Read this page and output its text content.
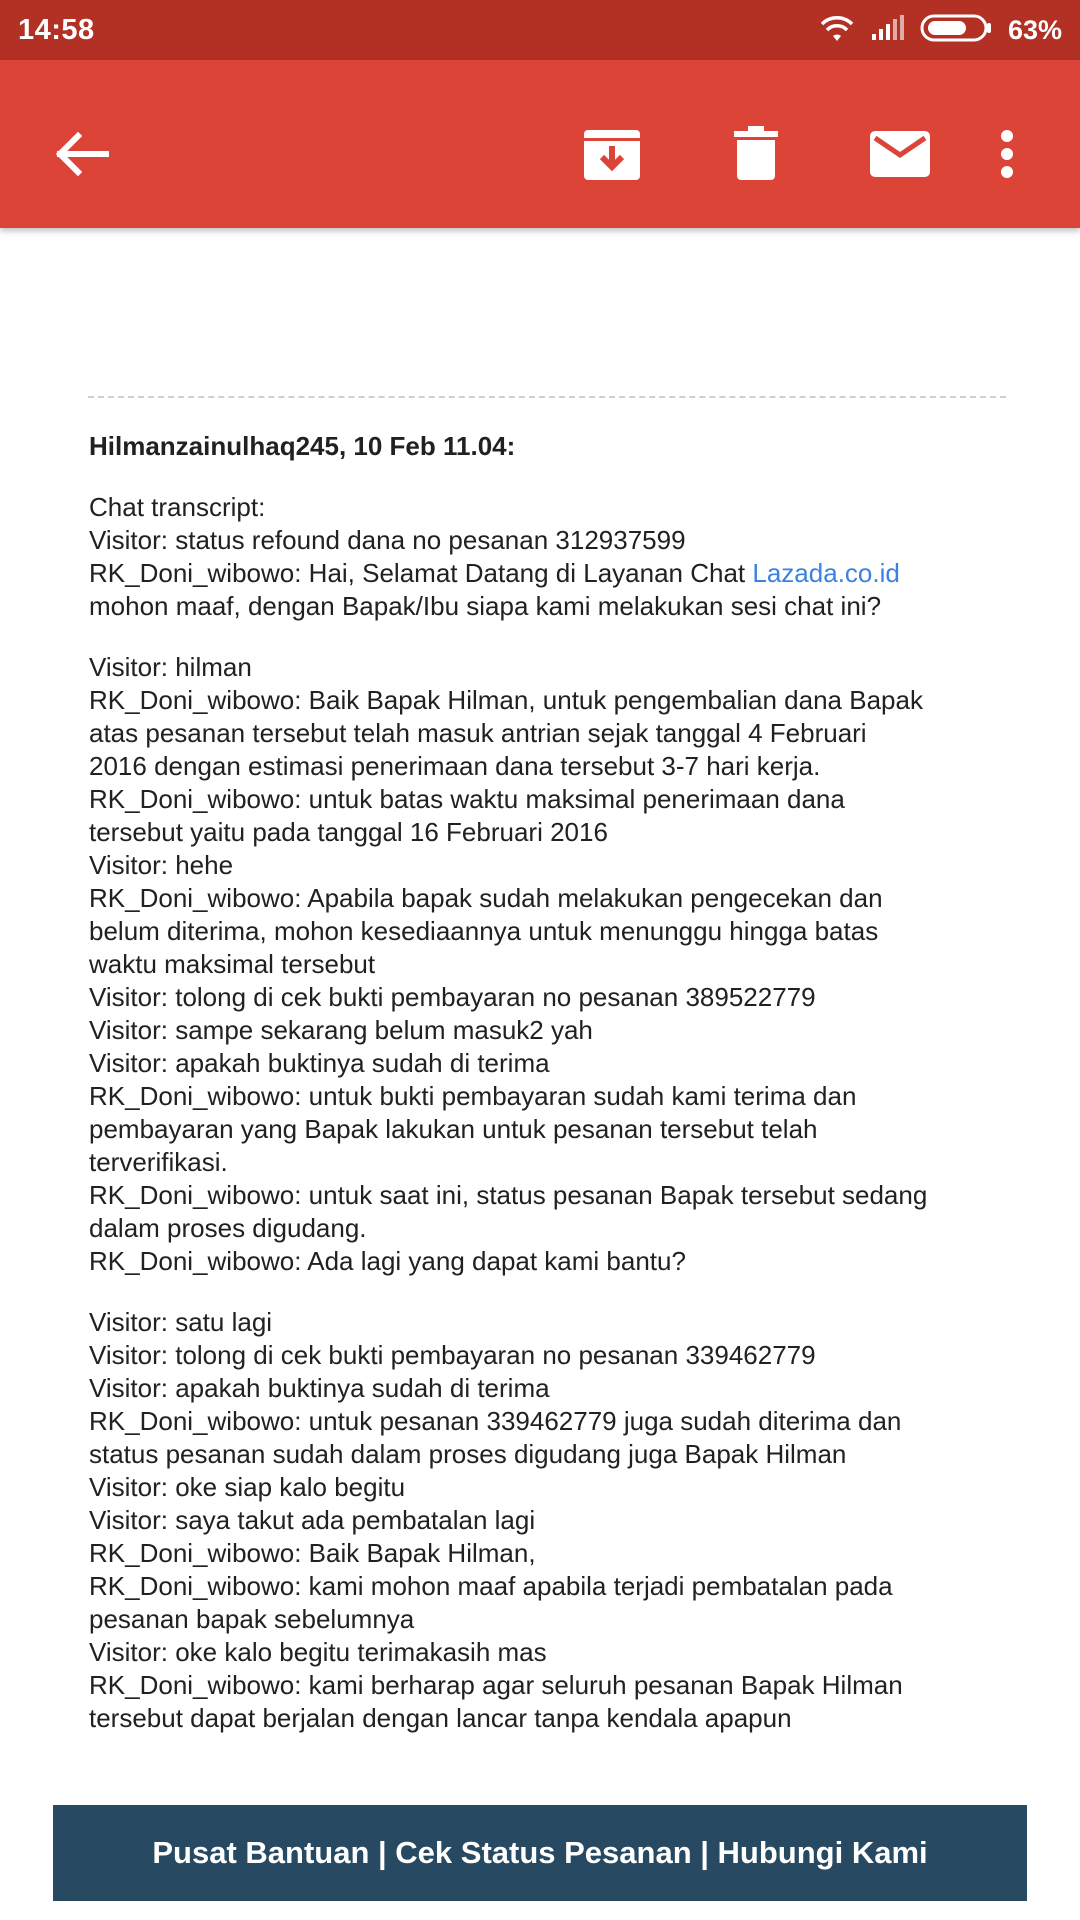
14:58	63%
Hilmanzainulhaq245, 10 Feb 11.04:
Chat transcript:
Visitor: status refound dana no pesanan 312937599
RK_Doni_wibowo: Hai, Selamat Datang di Layanan Chat Lazada.co.id
mohon maaf, dengan Bapak/Ibu siapa kami melakukan sesi chat ini?
Visitor: hilman
RK_Doni_wibowo: Baik Bapak Hilman, untuk pengembalian dana Bapak
atas pesanan tersebut telah masuk antrian sejak tanggal 4 Februari
2016 dengan estimasi penerimaan dana tersebut 3-7 hari kerja.
RK_Doni_wibowo: untuk batas waktu maksimal penerimaan dana
tersebut yaitu pada tanggal 16 Februari 2016
Visitor: hehe
RK_Doni_wibowo: Apabila bapak sudah melakukan pengecekan dan
belum diterima, mohon kesediaannya untuk menunggu hingga batas
waktu maksimal tersebut
Visitor: tolong di cek bukti pembayaran no pesanan 389522779
Visitor: sampe sekarang belum masuk2 yah
Visitor: apakah buktinya sudah di terima
RK_Doni_wibowo: untuk bukti pembayaran sudah kami terima dan
pembayaran yang Bapak lakukan untuk pesanan tersebut telah
terverifikasi.
RK_Doni_wibowo: untuk saat ini, status pesanan Bapak tersebut sedang
dalam proses digudang.
RK_Doni_wibowo: Ada lagi yang dapat kami bantu?
Visitor: satu lagi
Visitor: tolong di cek bukti pembayaran no pesanan 339462779
Visitor: apakah buktinya sudah di terima
RK_Doni_wibowo: untuk pesanan 339462779 juga sudah diterima dan
status pesanan sudah dalam proses digudang juga Bapak Hilman
Visitor: oke siap kalo begitu
Visitor: saya takut ada pembatalan lagi
RK_Doni_wibowo: Baik Bapak Hilman,
RK_Doni_wibowo: kami mohon maaf apabila terjadi pembatalan pada
pesanan bapak sebelumnya
Visitor: oke kalo begitu terimakasih mas
RK_Doni_wibowo: kami berharap agar seluruh pesanan Bapak Hilman
tersebut dapat berjalan dengan lancar tanpa kendala apapun
Pusat Bantuan | Cek Status Pesanan | Hubungi Kami
